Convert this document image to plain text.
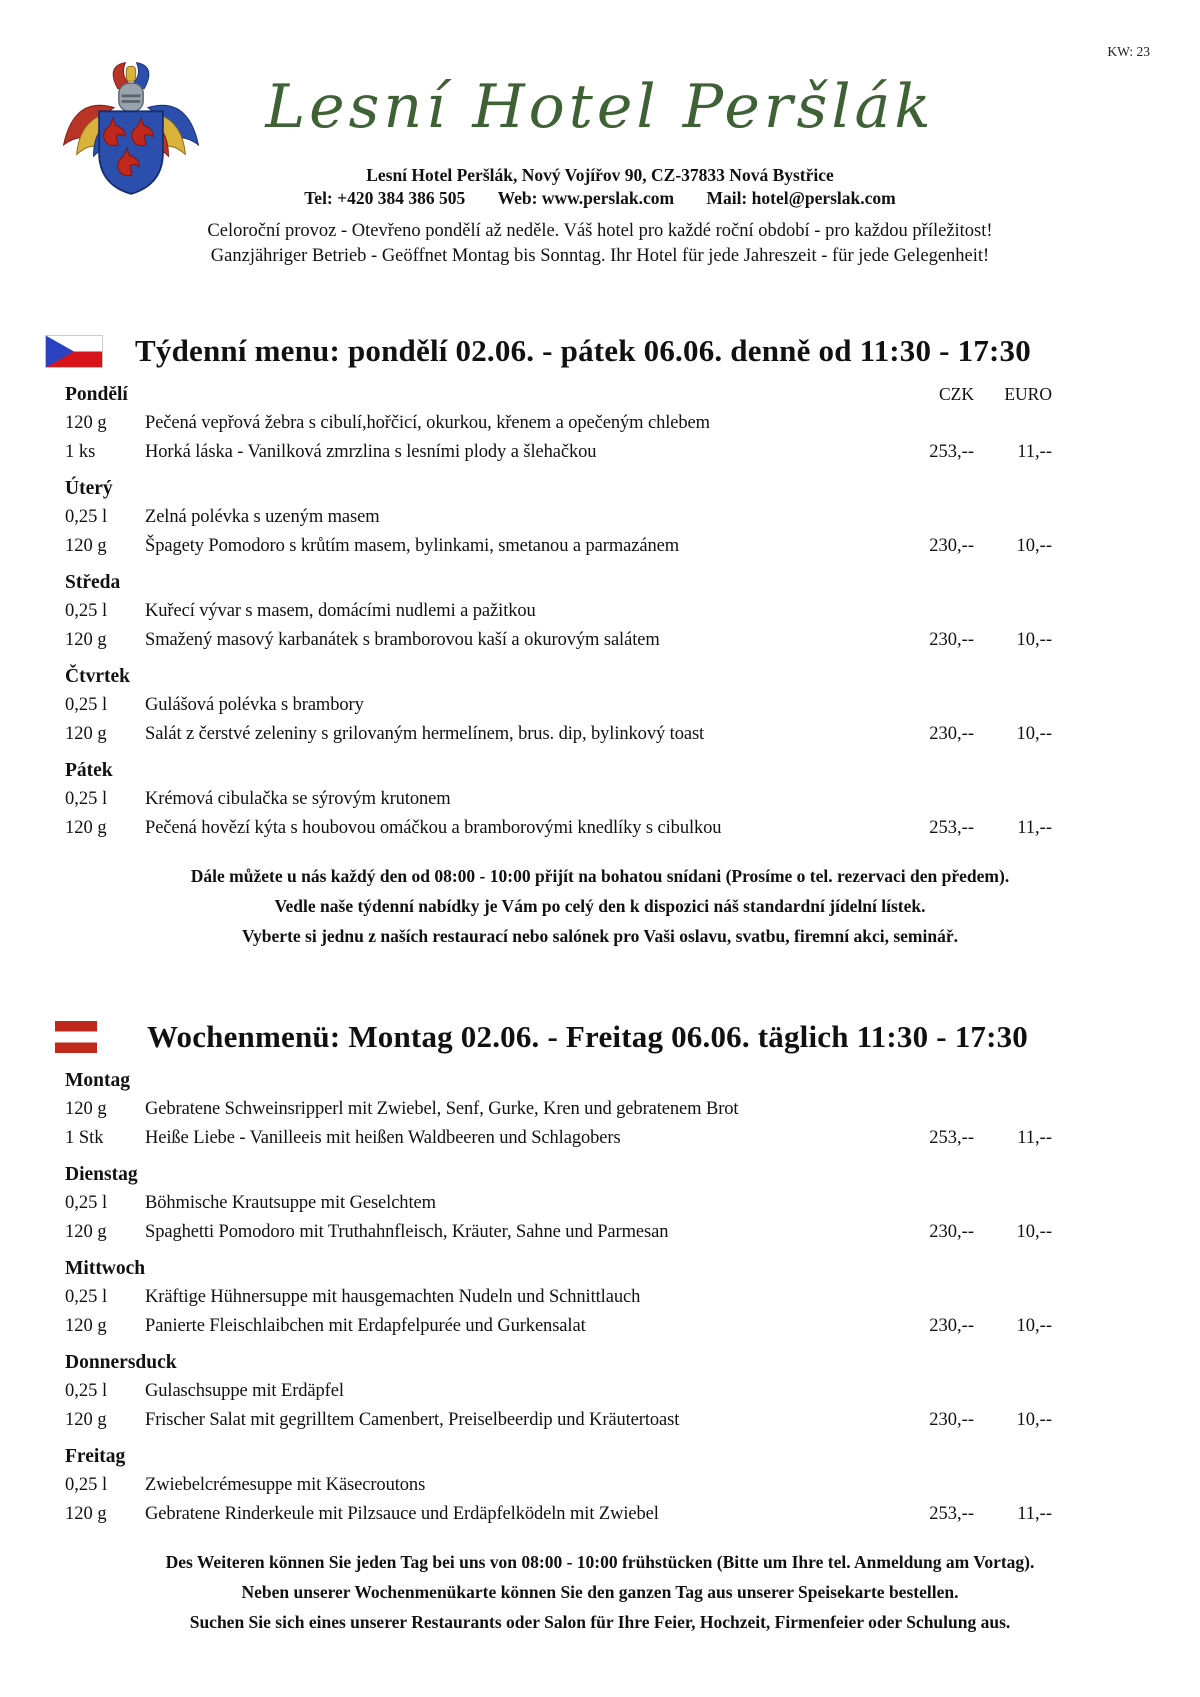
KW: 23
Lesní Hotel Peršlák
Lesní Hotel Peršlák, Nový Vojířov 90, CZ-37833 Nová Bystřice
Tel: +420 384 386 505 Web: www.perslak.com Mail: hotel@perslak.com
Celoroční provoz - Otevřeno pondělí až neděle. Váš hotel pro každé roční období - pro každou příležitost!
Ganzjähriger Betrieb - Geöffnet Montag bis Sonntag. Ihr Hotel für jede Jahreszeit - für jede Gelegenheit!
Týdenní menu: pondělí 02.06. - pátek 06.06. denně od 11:30 - 17:30
Pondělí	CZK	EURO
120 g	Pečená vepřová žebra s cibulí,hořčicí, okurkou, křenem a opečeným chlebem
1 ks	Horká láska - Vanilková zmrzlina s lesními plody a šlehačkou	253,--	11,--
Úterý
0,25 l	Zelná polévka s uzeným masem
120 g	Špagety Pomodoro s krůtím masem, bylinkami, smetanou a parmazánem	230,--	10,--
Středa
0,25 l	Kuřecí vývar s masem, domácími nudlemi a pažitkou
120 g	Smažený masový karbanátek s bramborovou kaší a okurovým salátem	230,--	10,--
Čtvrtek
0,25 l	Gulášová polévka s brambory
120 g	Salát z čerstvé zeleniny s grilovaným hermelínem, brus. dip, bylinkový toast	230,--	10,--
Pátek
0,25 l	Krémová cibulačka se sýrovým krutonem
120 g	Pečená hovězí kýta s houbovou omáčkou a bramborovými knedlíky s cibulkou	253,--	11,--
Dále můžete u nás každý den od 08:00 - 10:00 přijít na bohatou snídani (Prosíme o tel. rezervaci den předem).
Vedle naše týdenní nabídky je Vám po celý den k dispozici náš standardní jídelní lístek.
Vyberte si jednu z naších restaurací nebo salónek pro Vaši oslavu, svatbu, firemní akci, seminář.
Wochenmenü: Montag 02.06. - Freitag 06.06. täglich 11:30 - 17:30
Montag
120 g	Gebratene Schweinsripperl mit Zwiebel, Senf, Gurke, Kren und gebratenem Brot
1 Stk	Heiße Liebe - Vanilleeis mit heißen Waldbeeren und Schlagobers	253,--	11,--
Dienstag
0,25 l	Böhmische Krautsuppe mit Geselchtem
120 g	Spaghetti Pomodoro mit Truthahnfleisch, Kräuter, Sahne und Parmesan	230,--	10,--
Mittwoch
0,25 l	Kräftige Hühnersuppe mit hausgemachten Nudeln und Schnittlauch
120 g	Panierte Fleischlaibchen mit Erdapfelpurée und Gurkensalat	230,--	10,--
Donnersduck
0,25 l	Gulaschsuppe mit Erdäpfel
120 g	Frischer Salat mit gegrilltem Camenbert, Preiselbeerdip und Kräutertoast	230,--	10,--
Freitag
0,25 l	Zwiebelcrémesuppe mit Käsecroutons
120 g	Gebratene Rinderkeule mit Pilzsauce und Erdäpfelködeln mit Zwiebel	253,--	11,--
Des Weiteren können Sie jeden Tag bei uns von 08:00 - 10:00 frühstücken (Bitte um Ihre tel. Anmeldung am Vortag).
Neben unserer Wochenmenükarte können Sie den ganzen Tag aus unserer Speisekarte bestellen.
Suchen Sie sich eines unserer Restaurants oder Salon für Ihre Feier, Hochzeit, Firmenfeier oder Schulung aus.
